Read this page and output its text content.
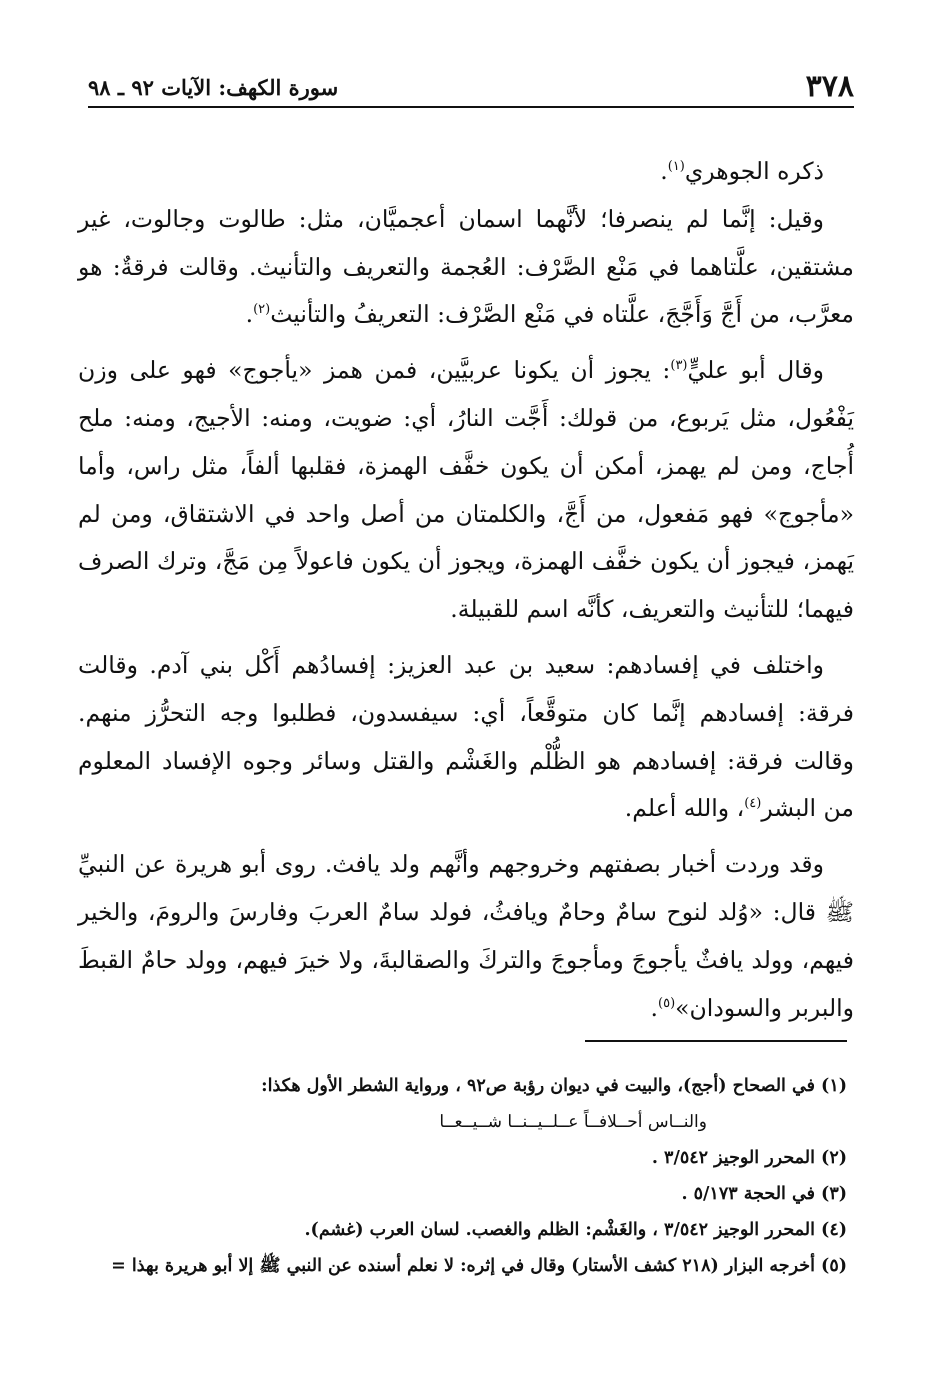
٣٧٨
سورة الكهف: الآيات ٩٢ ـ ٩٨

ذكره الجوهري$^{(١)}$.

وقيل: إنَّما لم ينصرفا؛ لأنَّهما اسمان أعجميَّان، مثل: طالوت وجالوت، غير مشتقين، علَّتاهما في مَنْع الصَّرْف: العُجمة والتعريف والتأنيث. وقالت فرقةٌ: هو معرَّب، من أَجَّ وَأَجَّجَ، علَّتاه في مَنْع الصَّرْف: التعريفُ والتأنيث$^{(٢)}$.

وقال أبو عليٍّ$^{(٣)}$: يجوز أن يكونا عربيَّين، فمن همز «يأجوج» فهو على وزن يَفْعُول، مثل يَربوع، من قولك: أَجَّت النارُ، أي: ضويت، ومنه: الأجيج، ومنه: ملح أُجاج، ومن لم يهمز، أمكن أن يكون خفَّف الهمزة، فقلبها ألفاً، مثل راس، وأما «مأجوج» فهو مَفعول، من أَجَّ، والكلمتان من أصل واحد في الاشتقاق، ومن لم يَهمز، فيجوز أن يكون خفَّف الهمزة، ويجوز أن يكون فاعولاً مِن مَجَّ، وترك الصرف فيهما؛ للتأنيث والتعريف، كأنَّه اسم للقبيلة.

واختلف في إفسادهم: سعيد بن عبد العزيز: إفسادُهم أَكْل بني آدم. وقالت فرقة: إفسادهم إنَّما كان متوقَّعاً، أي: سيفسدون، فطلبوا وجه التحرُّز منهم. وقالت فرقة: إفسادهم هو الظُّلْم والغَشْم والقتل وسائر وجوه الإفساد المعلوم من البشر$^{(٤)}$، والله أعلم.

وقد وردت أخبار بصفتهم وخروجهم وأنَّهم ولد يافث. روى أبو هريرة عن النبيِّ ﷺ قال: «وُلد لنوح سامٌ وحامٌ ويافثُ، فولد سامٌ العربَ وفارسَ والرومَ، والخير فيهم، وولد يافثٌ يأجوجَ ومأجوجَ والتركَ والصقالبةَ، ولا خيرَ فيهم، وولد حامٌ القبطَ والبربر والسودان»$^{(٥)}$.

(١) في الصحاح (أجج)، والبيت في ديوان رؤبة ص٩٢ ، ورواية الشطر الأول هكذا:

والنــاس أحــلافــاً عــلــيــنــا شــيــعــا

(٢) المحرر الوجيز ٣/٥٤٢ .

(٣) في الحجة ٥/١٧٣ .

(٤) المحرر الوجيز ٣/٥٤٢ ، والغَشْم: الظلم والغصب. لسان العرب (غشم).

(٥) أخرجه البزار (٢١٨ كشف الأستار) وقال في إثره: لا نعلم أسنده عن النبي ﷺ إلا أبو هريرة بهذا =
